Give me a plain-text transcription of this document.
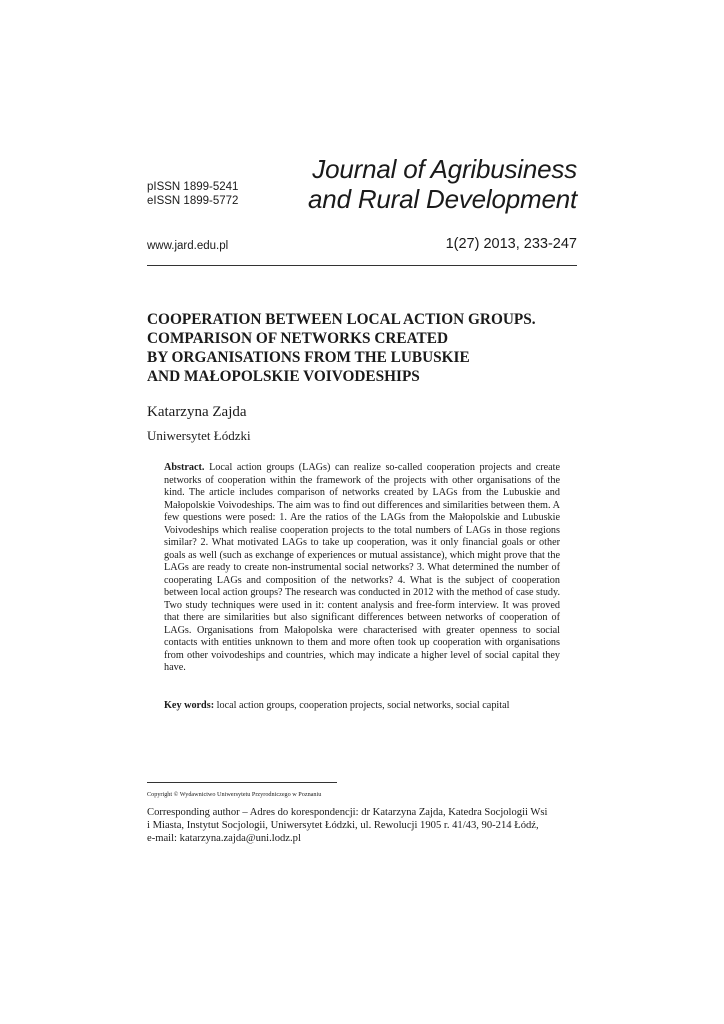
pISSN 1899-5241
eISSN 1899-5772
Journal of Agribusiness
and Rural Development
www.jard.edu.pl	1(27) 2013, 233-247
COOPERATION BETWEEN LOCAL ACTION GROUPS.
COMPARISON OF NETWORKS CREATED
BY ORGANISATIONS FROM THE LUBUSKIE
AND MAŁOPOLSKIE VOIVODESHIPS
Katarzyna Zajda
Uniwersytet Łódzki
Abstract. Local action groups (LAGs) can realize so-called cooperation projects and create networks of cooperation within the framework of the projects with other organisations of the kind. The article includes comparison of networks created by LAGs from the Lubuskie and Małopolskie Voivodeships. The aim was to find out differences and similarities between them. A few questions were posed: 1. Are the ratios of the LAGs from the Małopolskie and Lubuskie Voivodeships which realise cooperation projects to the total numbers of LAGs in those regions similar? 2. What motivated LAGs to take up cooperation, was it only financial goals or other goals as well (such as exchange of experiences or mutual assistance), which might prove that the LAGs are ready to create non-instrumental social networks? 3. What determined the number of cooperating LAGs and composition of the networks? 4. What is the subject of cooperation between local action groups? The research was conducted in 2012 with the method of case study. Two study techniques were used in it: content analysis and free-form interview. It was proved that there are similarities but also significant differences between networks of cooperation of LAGs. Organisations from Małopolska were characterised with greater openness to social contacts with entities unknown to them and more often took up cooperation with organisations from other voivodeships and countries, which may indicate a higher level of social capital they have.
Key words: local action groups, cooperation projects, social networks, social capital
Copyright © Wydawnictwo Uniwersytetu Przyrodniczego w Poznaniu
Corresponding author – Adres do korespondencji: dr Katarzyna Zajda, Katedra Socjologii Wsi
i Miasta, Instytut Socjologii, Uniwersytet Łódzki, ul. Rewolucji 1905 r. 41/43, 90-214 Łódź,
e-mail: katarzyna.zajda@uni.lodz.pl
